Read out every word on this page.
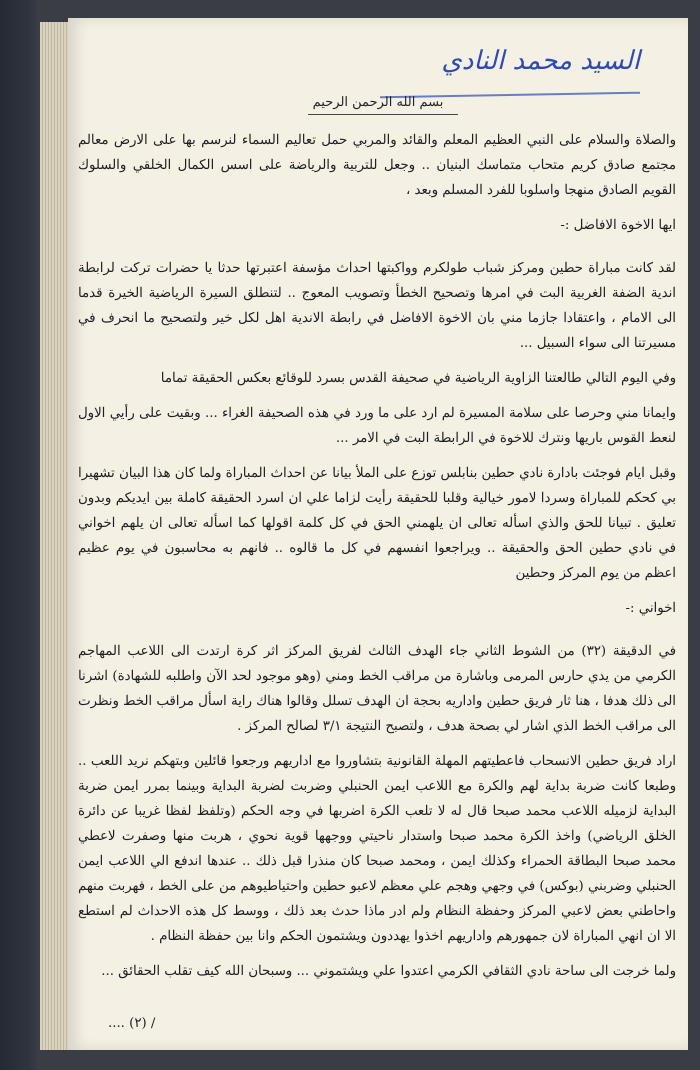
السيد محمد النادي
بسم الله الرحمن الرحيم

والصلاة والسلام على النبي العظيم المعلم والقائد والمربي حمل تعاليم السماء لنرسم بها على الارض معالم مجتمع صادق كريم متحاب متماسك البنيان .. وجعل للتربية والرياضة على اسس الكمال الخلقي والسلوك القويم الصادق منهجا واسلوبا للفرد المسلم وبعد ،

ايها الاخوة الافاضل :-

لقد كانت مباراة حطين ومركز شباب طولكرم وواكبتها احداث مؤسفة اعتبرتها حدثا يا حضرات تركت لرابطة اندية الضفة الغربية البت في امرها وتصحيح الخطأ وتصويب المعوج .. لتنطلق السيرة الرياضية الخيرة قدما الى الامام ، واعتقادا جازما مني بان الاخوة الافاضل في رابطة الاندية اهل لكل خير ولتصحيح ما انحرف في مسيرتنا الى سواء السبيل ...

وفي اليوم التالي طالعتنا الزاوية الرياضية في صحيفة القدس بسرد للوقائع بعكس الحقيقة تماما

وايمانا مني وحرصا على سلامة المسيرة لم ارد على ما ورد في هذه الصحيفة الغراء ... وبقيت على رأيي الاول لنعط القوس باريها ونترك للاخوة في الرابطة البت في الامر ...

وقبل ايام فوجئت بادارة نادي حطين بنابلس توزع على الملأ بيانا عن احداث المباراة ولما كان هذا البيان تشهيرا بي كحكم للمباراة وسردا لامور خيالية وقلبا للحقيقة رأيت لزاما علي ان اسرد الحقيقة كاملة بين ايديكم وبدون تعليق . تبيانا للحق والذي اسأله تعالى ان يلهمني الحق في كل كلمة اقولها كما اسأله تعالى ان يلهم اخواني في نادي حطين الحق والحقيقة .. ويراجعوا انفسهم في كل ما قالوه .. فانهم به محاسبون في يوم عظيم اعظم من يوم المركز وحطين

اخواني :-

في الدقيقة (٣٢) من الشوط الثاني جاء الهدف الثالث لفريق المركز اثر كرة ارتدت الى اللاعب المهاجم الكرمي من يدي حارس المرمى وباشارة من مراقب الخط ومني (وهو موجود لحد الآن واطلبه للشهادة) اشرنا الى ذلك هدفا ، هنا ثار فريق حطين واداريه بحجة ان الهدف تسلل وقالوا هناك راية اسأل مراقب الخط ونظرت الى مراقب الخط الذي اشار لي بصحة هدف ، ولتصبح النتيجة ٣/١ لصالح المركز .

اراد فريق حطين الانسحاب فاعطيتهم المهلة القانونية بتشاوروا مع اداريهم ورجعوا قائلين وبتهكم نريد اللعب .. وطبعا كانت ضربة بداية لهم والكرة مع اللاعب ايمن الحنبلي وضربت لضربة البداية وبينما بمرر ايمن ضربة البداية لزميله اللاعب محمد صبحا قال له لا تلعب الكرة اضربها في وجه الحكم (وتلفظ لفظا غريبا عن دائرة الخلق الرياضي) واخذ الكرة محمد صبحا واستدار ناحيتي ووجهها قوية نحوي ، هربت منها وصفرت لاعطي محمد صبحا البطاقة الحمراء وكذلك ايمن ، ومحمد صبحا كان منذرا قبل ذلك .. عندها اندفع الي اللاعب ايمن الحنبلي وضربني (بوكس) في وجهي وهجم علي معظم لاعبو حطين واحتياطيوهم من على الخط ، فهربت منهم واحاطني بعض لاعبي المركز وحفظة النظام ولم ادر ماذا حدث بعد ذلك ، ووسط كل هذه الاحداث لم استطع الا ان انهي المباراة لان جمهورهم واداريهم اخذوا يهددون ويشتمون الحكم وانا بين حفظة النظام .

ولما خرجت الى ساحة نادي الثقافي الكرمي اعتدوا علي ويشتموني ... وسبحان الله كيف تقلب الحقائق ...

/ (٢) ....
